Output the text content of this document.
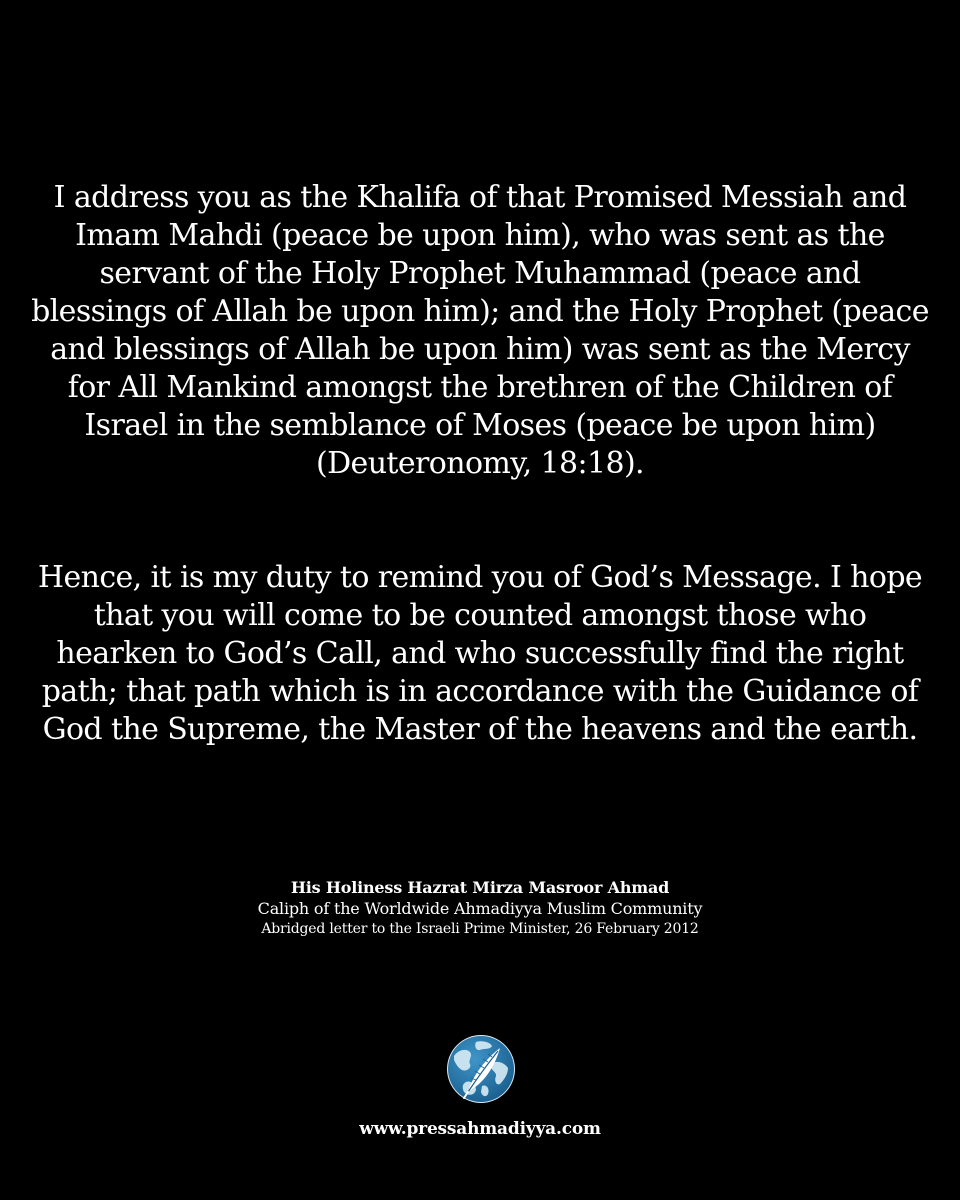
I address you as the Khalifa of that Promised Messiah and Imam Mahdi (peace be upon him), who was sent as the servant of the Holy Prophet Muhammad (peace and blessings of Allah be upon him); and the Holy Prophet (peace and blessings of Allah be upon him) was sent as the Mercy for All Mankind amongst the brethren of the Children of Israel in the semblance of Moses (peace be upon him) (Deuteronomy, 18:18).

Hence, it is my duty to remind you of God’s Message. I hope that you will come to be counted amongst those who hearken to God’s Call, and who successfully find the right path; that path which is in accordance with the Guidance of God the Supreme, the Master of the heavens and the earth.

His Holiness Hazrat Mirza Masroor Ahmad
Caliph of the Worldwide Ahmadiyya Muslim Community
Abridged letter to the Israeli Prime Minister, 26 February 2012
www.pressahmadiyya.com
